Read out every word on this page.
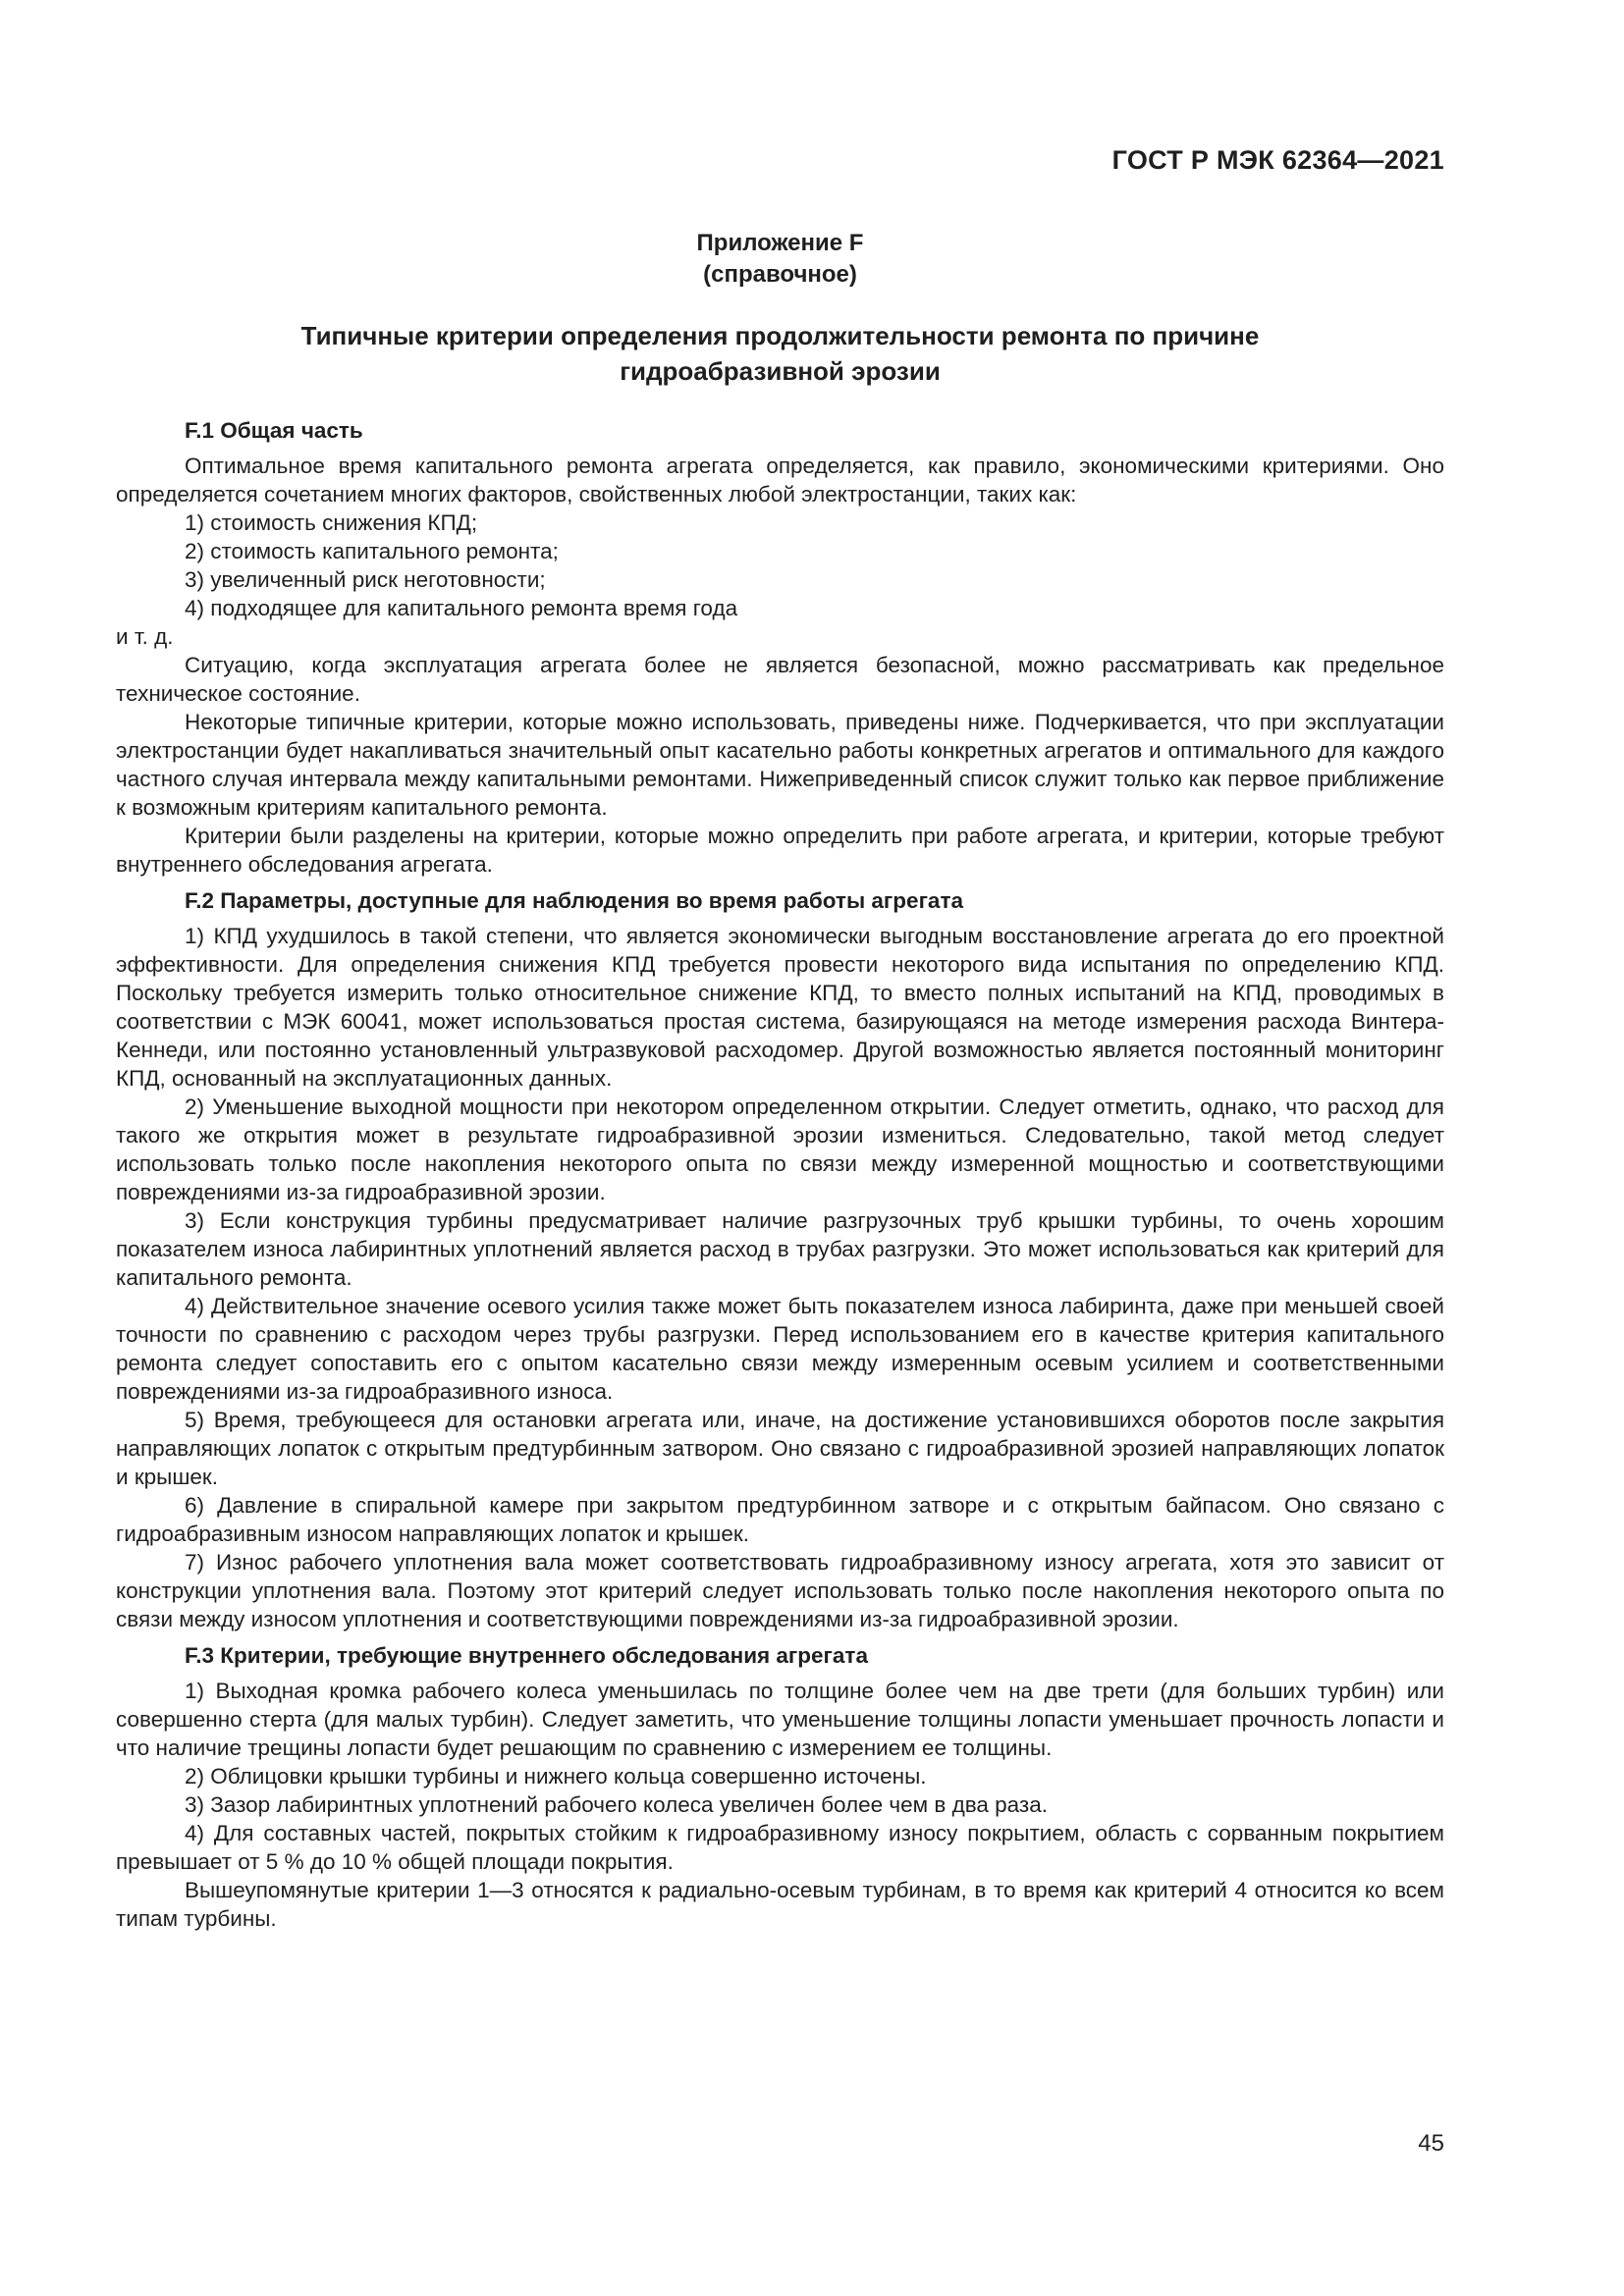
ГОСТ Р МЭК 62364—2021
Приложение F
(справочное)
Типичные критерии определения продолжительности ремонта по причине
гидроабразивной эрозии
F.1 Общая часть

Оптимальное время капитального ремонта агрегата определяется, как правило, экономическими критериями. Оно определяется сочетанием многих факторов, свойственных любой электростанции, таких как:

1) стоимость снижения КПД;
2) стоимость капитального ремонта;
3) увеличенный риск неготовности;
4) подходящее для капитального ремонта время года
и т. д.

Ситуацию, когда эксплуатация агрегата более не является безопасной, можно рассматривать как предельное техническое состояние.

Некоторые типичные критерии, которые можно использовать, приведены ниже. Подчеркивается, что при эксплуатации электростанции будет накапливаться значительный опыт касательно работы конкретных агрегатов и оптимального для каждого частного случая интервала между капитальными ремонтами. Нижеприведенный список служит только как первое приближение к возможным критериям капитального ремонта.

Критерии были разделены на критерии, которые можно определить при работе агрегата, и критерии, которые требуют внутреннего обследования агрегата.

F.2 Параметры, доступные для наблюдения во время работы агрегата

1) КПД ухудшилось в такой степени, что является экономически выгодным восстановление агрегата до его проектной эффективности. Для определения снижения КПД требуется провести некоторого вида испытания по определению КПД. Поскольку требуется измерить только относительное снижение КПД, то вместо полных испытаний на КПД, проводимых в соответствии с МЭК 60041, может использоваться простая система, базирующаяся на методе измерения расхода Винтера-Кеннеди, или постоянно установленный ультразвуковой расходомер. Другой возможностью является постоянный мониторинг КПД, основанный на эксплуатационных данных.

2) Уменьшение выходной мощности при некотором определенном открытии. Следует отметить, однако, что расход для такого же открытия может в результате гидроабразивной эрозии измениться. Следовательно, такой метод следует использовать только после накопления некоторого опыта по связи между измеренной мощностью и соответствующими повреждениями из-за гидроабразивной эрозии.

3) Если конструкция турбины предусматривает наличие разгрузочных труб крышки турбины, то очень хорошим показателем износа лабиринтных уплотнений является расход в трубах разгрузки. Это может использоваться как критерий для капитального ремонта.

4) Действительное значение осевого усилия также может быть показателем износа лабиринта, даже при меньшей своей точности по сравнению с расходом через трубы разгрузки. Перед использованием его в качестве критерия капитального ремонта следует сопоставить его с опытом касательно связи между измеренным осевым усилием и соответственными повреждениями из-за гидроабразивного износа.

5) Время, требующееся для остановки агрегата или, иначе, на достижение установившихся оборотов после закрытия направляющих лопаток с открытым предтурбинным затвором. Оно связано с гидроабразивной эрозией направляющих лопаток и крышек.

6) Давление в спиральной камере при закрытом предтурбинном затворе и с открытым байпасом. Оно связано с гидроабразивным износом направляющих лопаток и крышек.

7) Износ рабочего уплотнения вала может соответствовать гидроабразивному износу агрегата, хотя это зависит от конструкции уплотнения вала. Поэтому этот критерий следует использовать только после накопления некоторого опыта по связи между износом уплотнения и соответствующими повреждениями из-за гидроабразивной эрозии.

F.3 Критерии, требующие внутреннего обследования агрегата

1) Выходная кромка рабочего колеса уменьшилась по толщине более чем на две трети (для больших турбин) или совершенно стерта (для малых турбин). Следует заметить, что уменьшение толщины лопасти уменьшает прочность лопасти и что наличие трещины лопасти будет решающим по сравнению с измерением ее толщины.

2) Облицовки крышки турбины и нижнего кольца совершенно источены.

3) Зазор лабиринтных уплотнений рабочего колеса увеличен более чем в два раза.

4) Для составных частей, покрытых стойким к гидроабразивному износу покрытием, область с сорванным покрытием превышает от 5 % до 10 % общей площади покрытия.

Вышеупомянутые критерии 1—3 относятся к радиально-осевым турбинам, в то время как критерий 4 относится ко всем типам турбины.

45
